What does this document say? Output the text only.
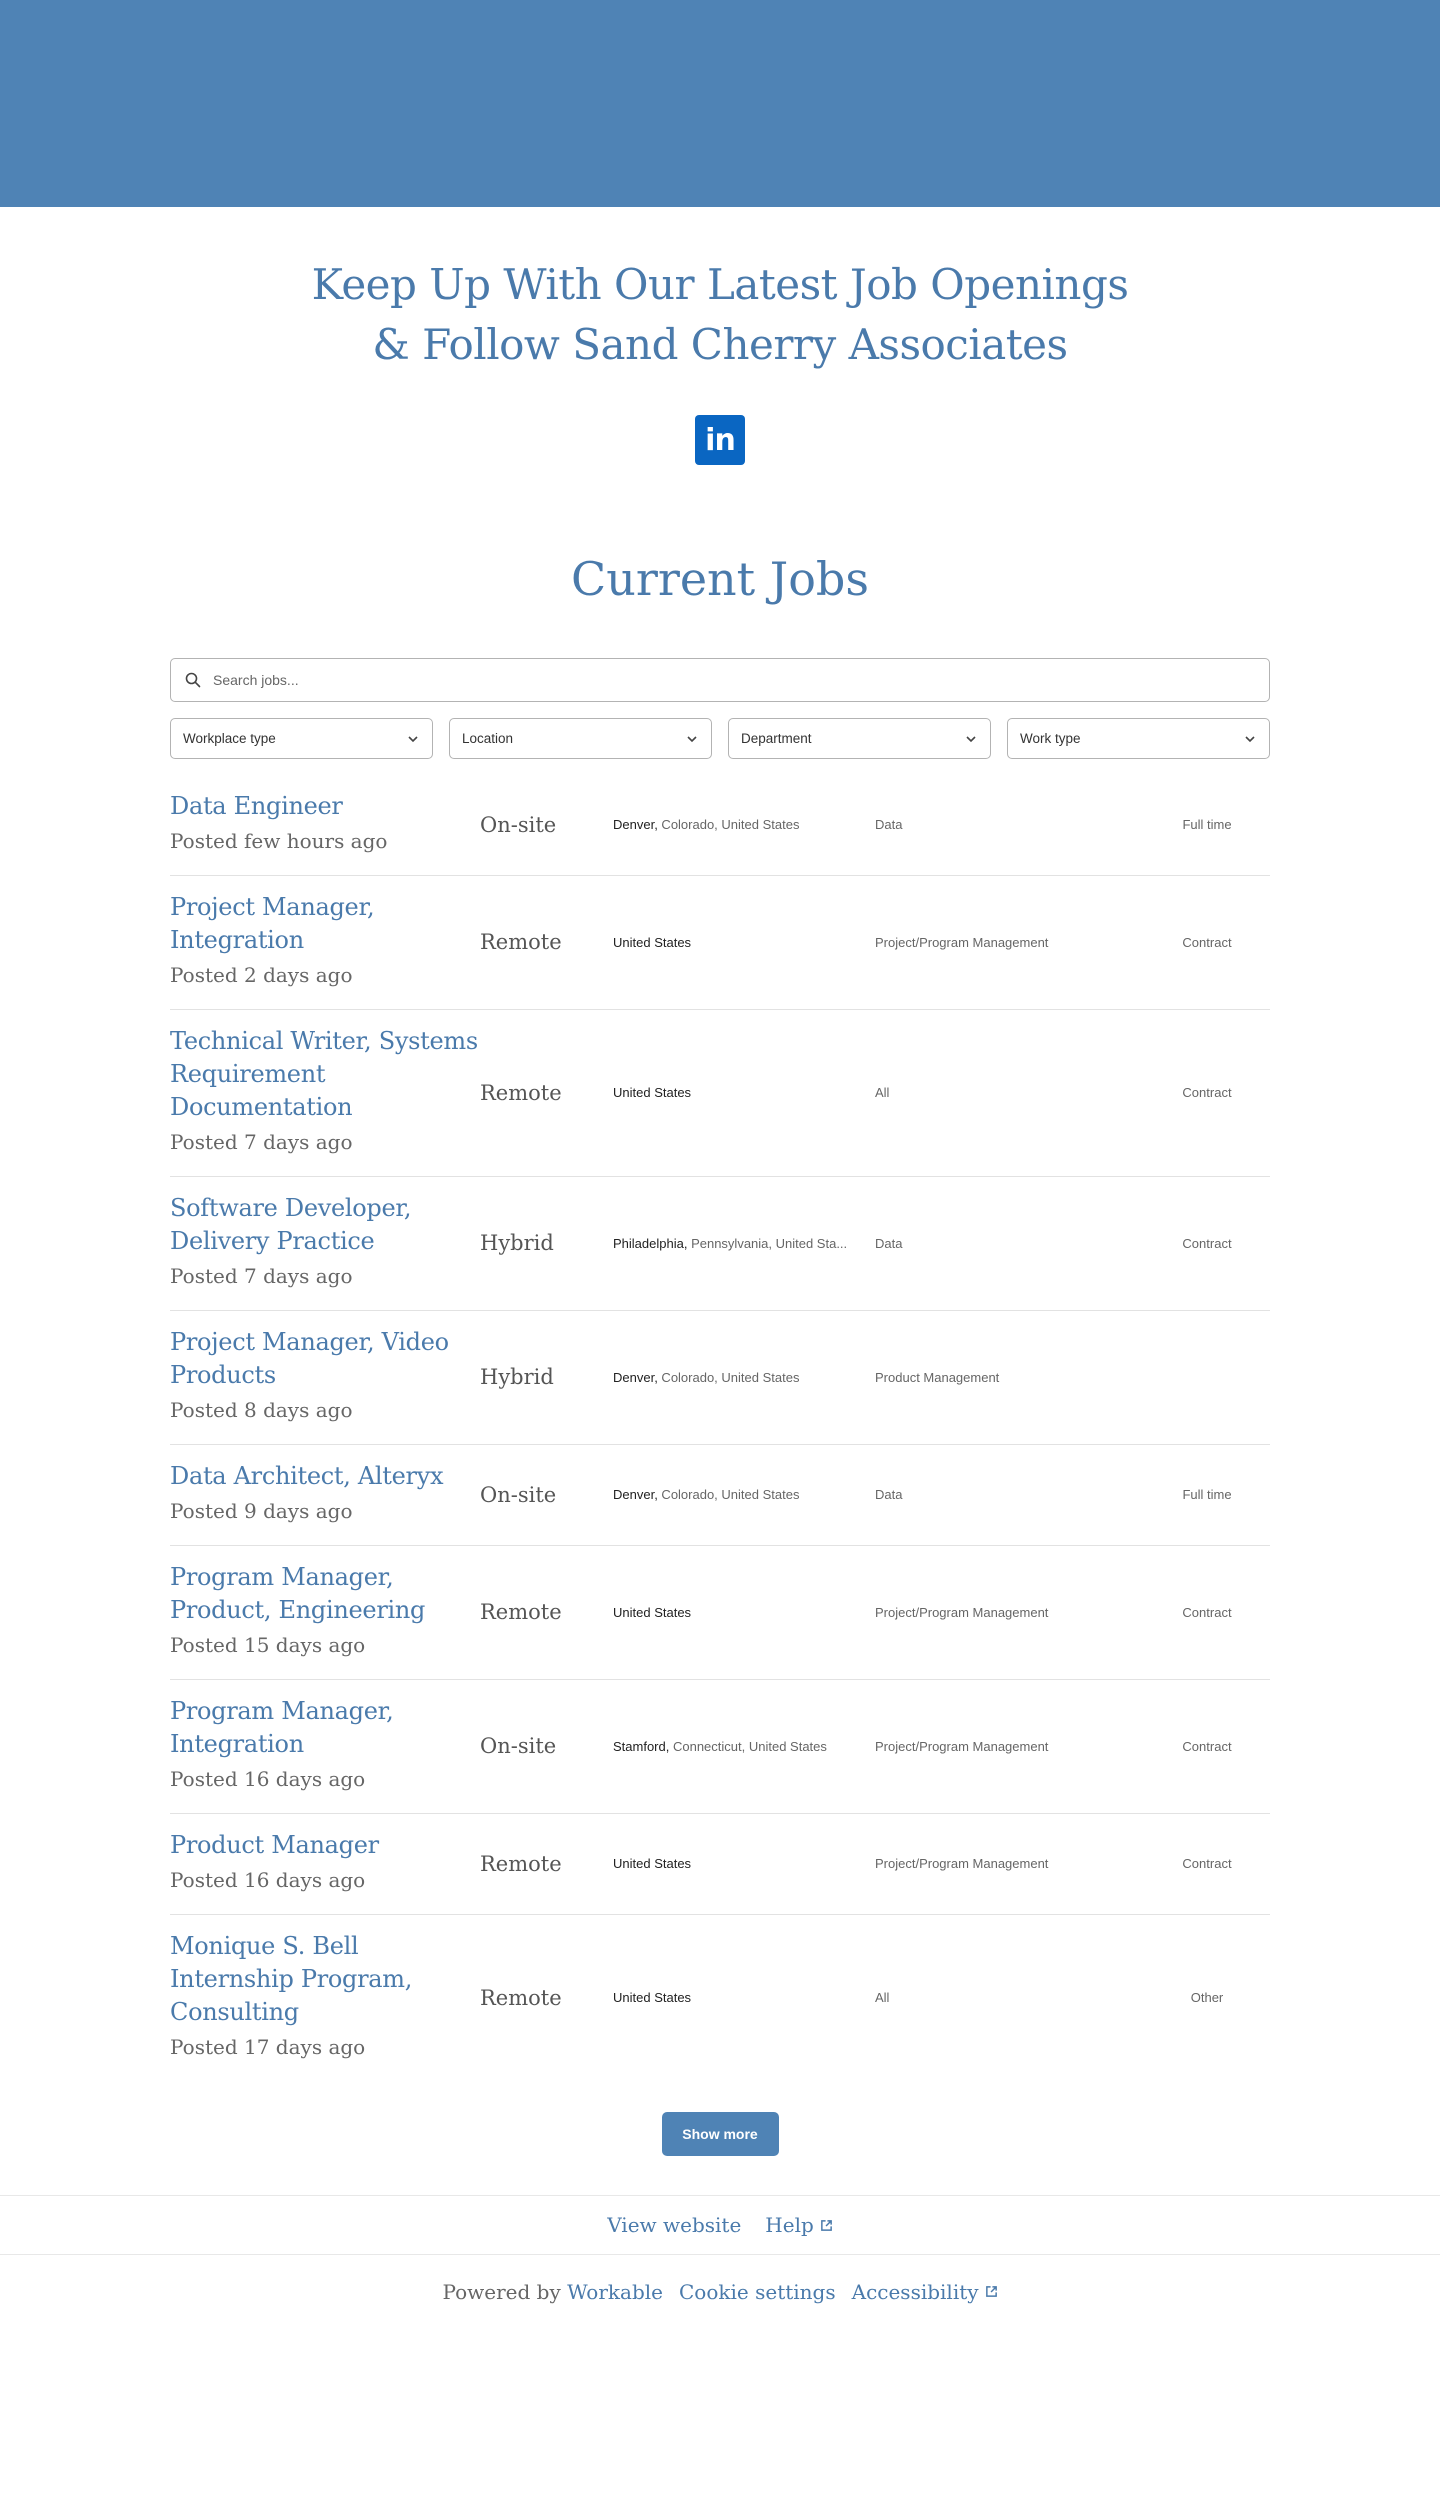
Keep Up With Our Latest Job Openings
& Follow Sand Cherry Associates
in
Current Jobs
Search jobs...
Workplace type	Location	Department	Work type
Data Engineer
Posted few hours ago
On-site	Denver, Colorado, United States	Data	Full time
Project Manager, Integration
Posted 2 days ago
Remote	United States	Project/Program Management	Contract
Technical Writer, Systems Requirement Documentation
Posted 7 days ago
Remote	United States	All	Contract
Software Developer, Delivery Practice
Posted 7 days ago
Hybrid	Philadelphia, Pennsylvania, United Sta...	Data	Contract
Project Manager, Video Products
Posted 8 days ago
Hybrid	Denver, Colorado, United States	Product Management
Data Architect, Alteryx
Posted 9 days ago
On-site	Denver, Colorado, United States	Data	Full time
Program Manager, Product, Engineering
Posted 15 days ago
Remote	United States	Project/Program Management	Contract
Program Manager, Integration
Posted 16 days ago
On-site	Stamford, Connecticut, United States	Project/Program Management	Contract
Product Manager
Posted 16 days ago
Remote	United States	Project/Program Management	Contract
Monique S. Bell Internship Program, Consulting
Posted 17 days ago
Remote	United States	All	Other
Show more
View website Help
Powered by Workable Cookie settings Accessibility
